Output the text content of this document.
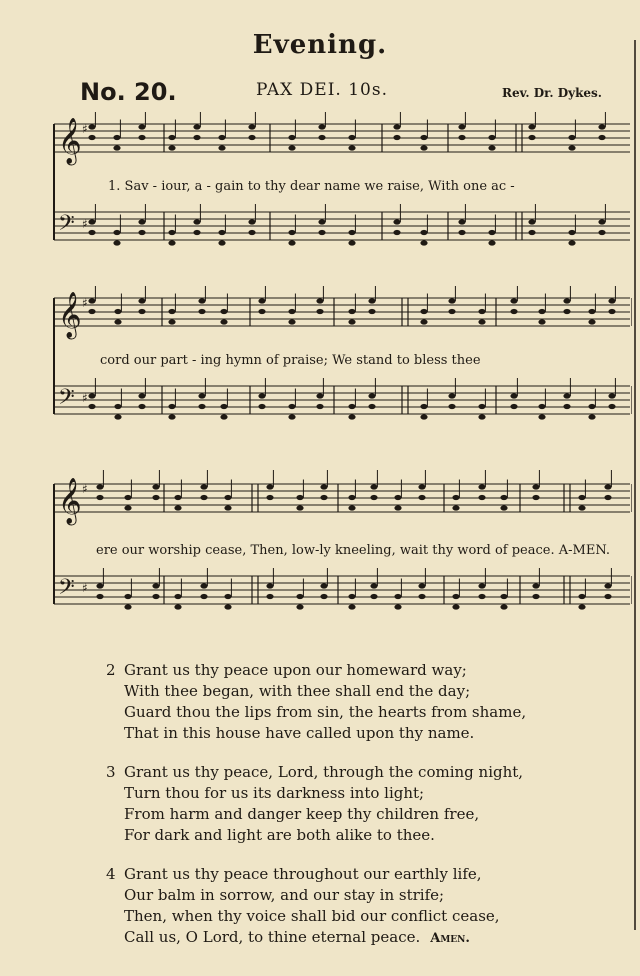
Evening.
No. 20.	PAX DEI. 10s.	Rev. Dr. Dykes.
𝄞 ♯
𝄢 ♯
1. Sav - iour, a - gain to thy dear name we raise, With one ac -
𝄞 ♯
𝄢 ♯
cord our part - ing hymn of praise; We stand to bless thee
𝄞 ♯
𝄢 ♯
ere our worship cease, Then, low-ly kneeling, wait thy word of peace. A-MEN.
2 Grant us thy peace upon our homeward way;
With thee began, with thee shall end the day;
Guard thou the lips from sin, the hearts from shame,
That in this house have called upon thy name.
3 Grant us thy peace, Lord, through the coming night,
Turn thou for us its darkness into light;
From harm and danger keep thy children free,
For dark and light are both alike to thee.
4 Grant us thy peace throughout our earthly life,
Our balm in sorrow, and our stay in strife;
Then, when thy voice shall bid our conflict cease,
Call us, O Lord, to thine eternal peace. Amen.
